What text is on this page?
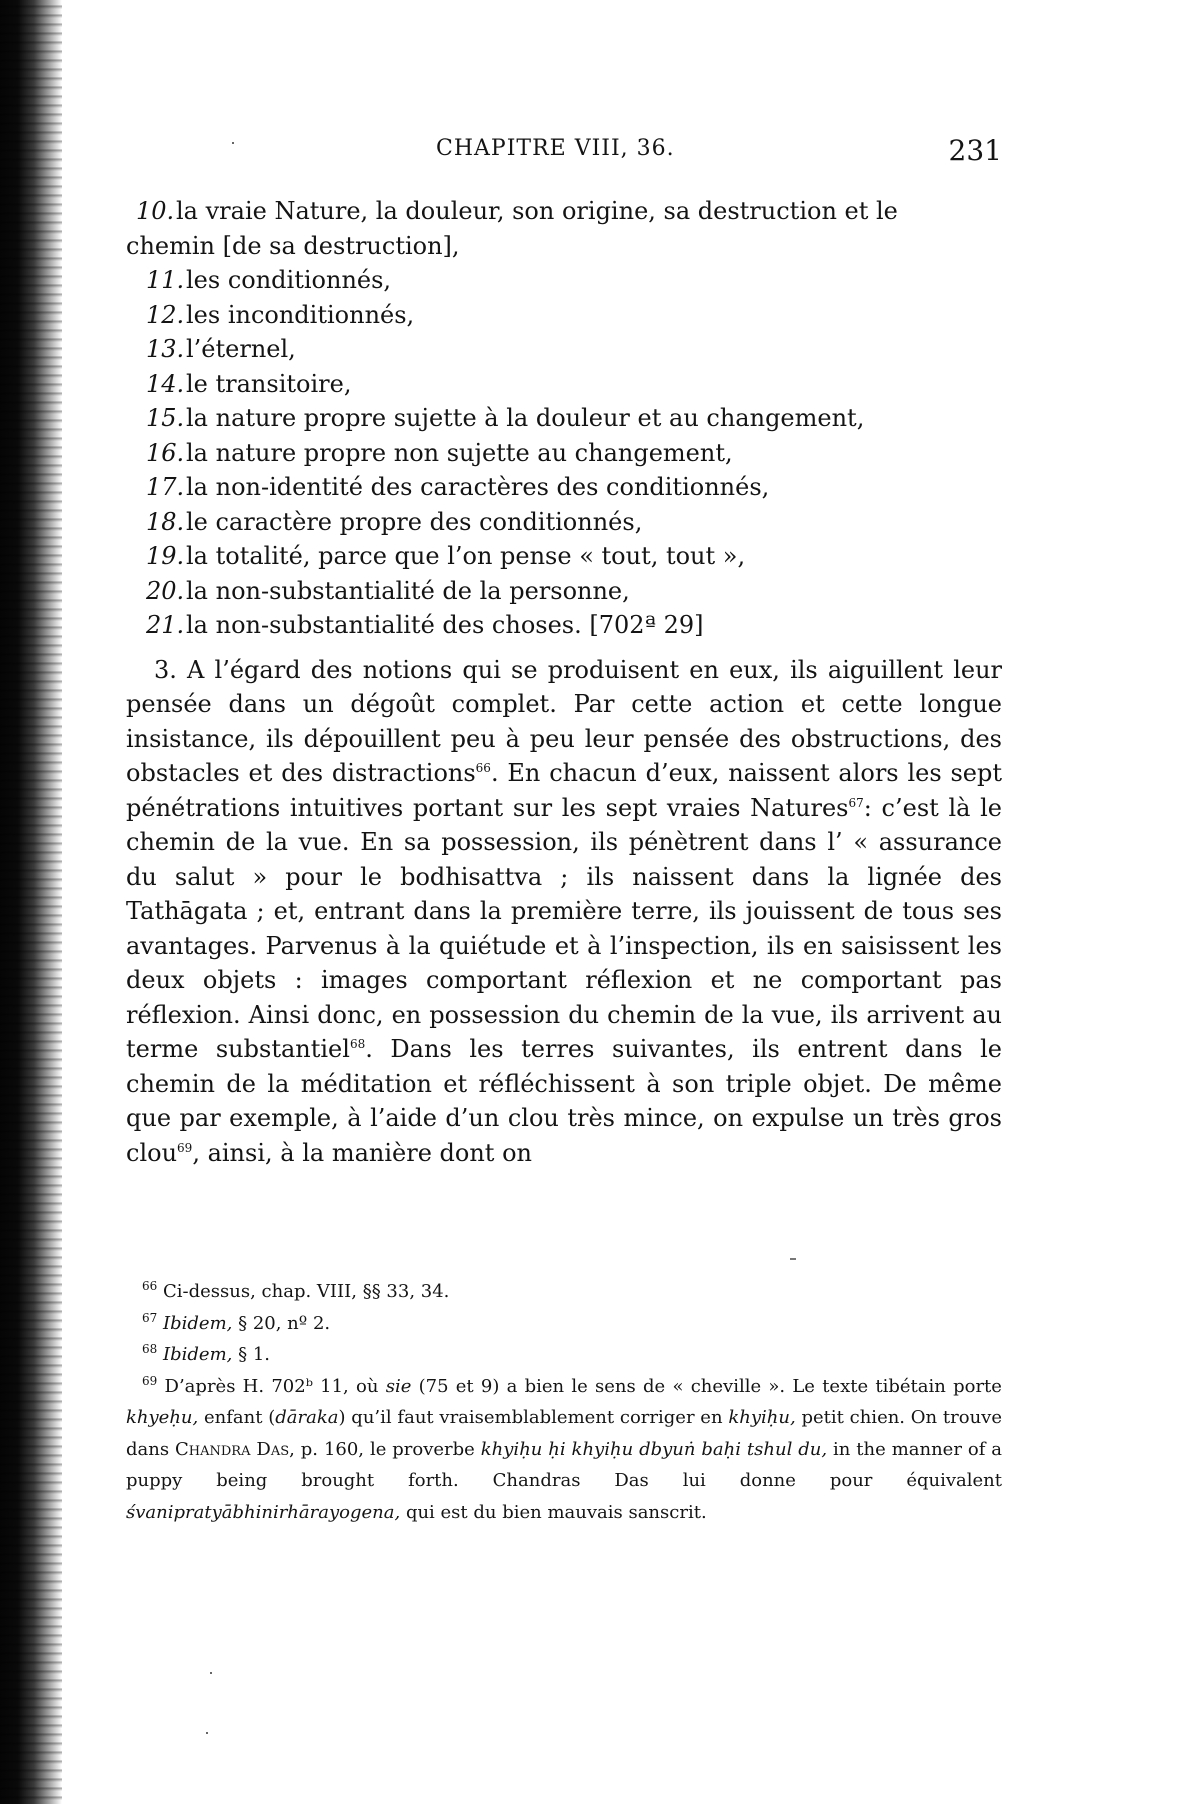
CHAPITRE VIII, 36.	231
10.la vraie Nature, la douleur, son origine, sa destruction et le
chemin [de sa destruction],
11.les conditionnés,
12.les inconditionnés,
13.l’éternel,
14.le transitoire,
15.la nature propre sujette à la douleur et au changement,
16.la nature propre non sujette au changement,
17.la non-identité des caractères des conditionnés,
18.le caractère propre des conditionnés,
19.la totalité, parce que l’on pense « tout, tout »,
20.la non-substantialité de la personne,
21.la non-substantialité des choses. [702ª 29]

3. A l’égard des notions qui se produisent en eux, ils aiguillent leur pensée dans un dégoût complet. Par cette action et cette longue insistance, ils dépouillent peu à peu leur pensée des obstructions, des obstacles et des distractions$^{66}$. En chacun d’eux, naissent alors les sept pénétrations intuitives portant sur les sept vraies Natures$^{67}$: c’est là le chemin de la vue. En sa possession, ils pénètrent dans l’ « assurance du salut » pour le bodhisattva ; ils naissent dans la lignée des Tathāgata ; et, entrant dans la première terre, ils jouissent de tous ses avantages. Parvenus à la quiétude et à l’inspection, ils en saisissent les deux objets : images comportant réflexion et ne comportant pas réflexion. Ainsi donc, en possession du chemin de la vue, ils arrivent au terme substantiel$^{68}$. Dans les terres suivantes, ils entrent dans le chemin de la méditation et réfléchissent à son triple objet. De même que par exemple, à l’aide d’un clou très mince, on expulse un très gros clou$^{69}$, ainsi, à la manière dont on

$^{66}$ Ci-dessus, chap. VIII, §§ 33, 34.
$^{67}$ Ibidem, § 20, nº 2.
$^{68}$ Ibidem, § 1.
$^{69}$ D’après H. 702ᵇ 11, où sie (75 et 9) a bien le sens de « cheville ». Le texte tibétain porte khyeḥu, enfant (dāraka) qu’il faut vraisemblablement corriger en khyiḥu, petit chien. On trouve dans Chandra Das, p. 160, le proverbe khyiḥu ḥi khyiḥu dbyuṅ baḥi tshul du, in the manner of a puppy being brought forth. Chandras Das lui donne pour équivalent śvanipratyābhinirhārayogena, qui est du bien mauvais sanscrit.
